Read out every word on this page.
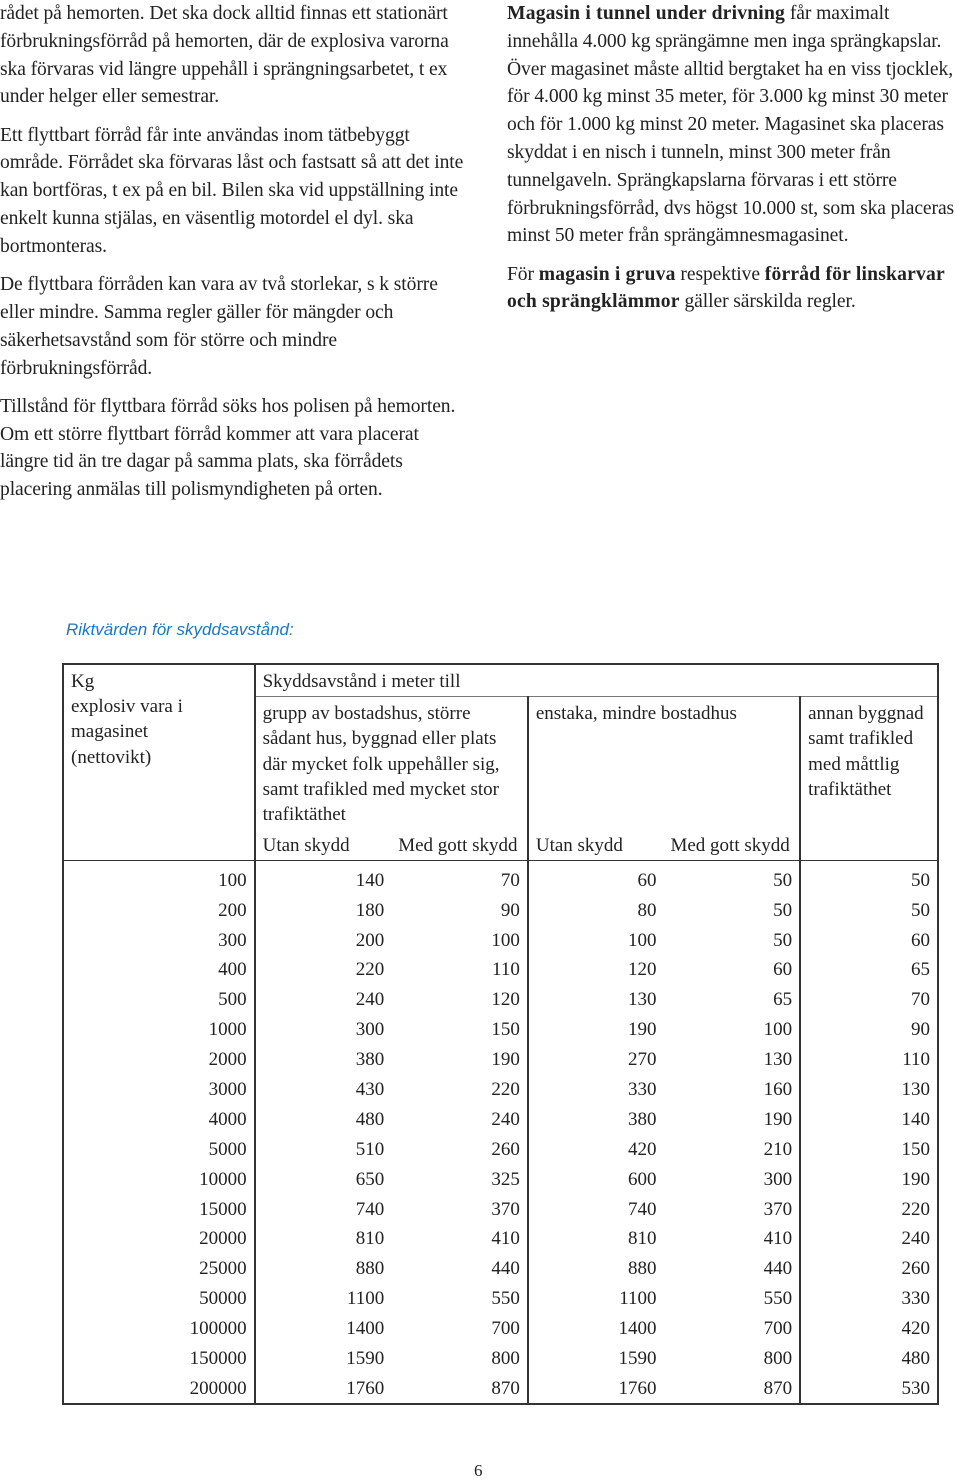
rådet på hemorten. Det ska dock alltid finnas ett stationärt förbrukningsförråd på hemorten, där de explosiva varorna ska förvaras vid längre uppehåll i sprängningsarbetet, t ex under helger eller semestrar.

Ett flyttbart förråd får inte användas inom tätbebyggt område. Förrådet ska förvaras låst och fastsatt så att det inte kan bortföras, t ex på en bil. Bilen ska vid uppställning inte enkelt kunna stjälas, en väsentlig motordel el dyl. ska bortmonteras.

De flyttbara förråden kan vara av två storlekar, s k större eller mindre. Samma regler gäller för mängder och säkerhetsavstånd som för större och mindre förbrukningsförråd.

Tillstånd för flyttbara förråd söks hos polisen på hemorten. Om ett större flyttbart förråd kommer att vara placerat längre tid än tre dagar på samma plats, ska förrådets placering anmälas till polismyndigheten på orten.

Magasin i tunnel under drivning får maximalt innehålla 4.000 kg sprängämne men inga sprängkapslar. Över magasinet måste alltid bergtaket ha en viss tjocklek, för 4.000 kg minst 35 meter, för 3.000 kg minst 30 meter och för 1.000 kg minst 20 meter. Magasinet ska placeras skyddat i en nisch i tunneln, minst 300 meter från tunnelgaveln. Sprängkapslarna förvaras i ett större förbrukningsförråd, dvs högst 10.000 st, som ska placeras minst 50 meter från sprängämnesmagasinet.

För magasin i gruva respektive förråd för linskarvar och sprängklämmor gäller särskilda regler.

Riktvärden för skyddsavstånd:
Kg
explosiv vara i magasinet
(nettovikt)	Skyddsavstånd i meter till				
	grupp av bostadshus, större sådant hus, byggnad eller plats där mycket folk uppehåller sig, samt trafikled med mycket stor trafiktäthet		enstaka, mindre bostadhus		annan byggnad samt trafikled med måttlig trafiktäthet
	Utan skydd	Med gott skydd	Utan skydd	Med gott skydd	
100	140	70	60	50	50
200	180	90	80	50	50
300	200	100	100	50	60
400	220	110	120	60	65
500	240	120	130	65	70
1000	300	150	190	100	90
2000	380	190	270	130	110
3000	430	220	330	160	130
4000	480	240	380	190	140
5000	510	260	420	210	150
10000	650	325	600	300	190
15000	740	370	740	370	220
20000	810	410	810	410	240
25000	880	440	880	440	260
50000	1100	550	1100	550	330
100000	1400	700	1400	700	420
150000	1590	800	1590	800	480
200000	1760	870	1760	870	530
6
